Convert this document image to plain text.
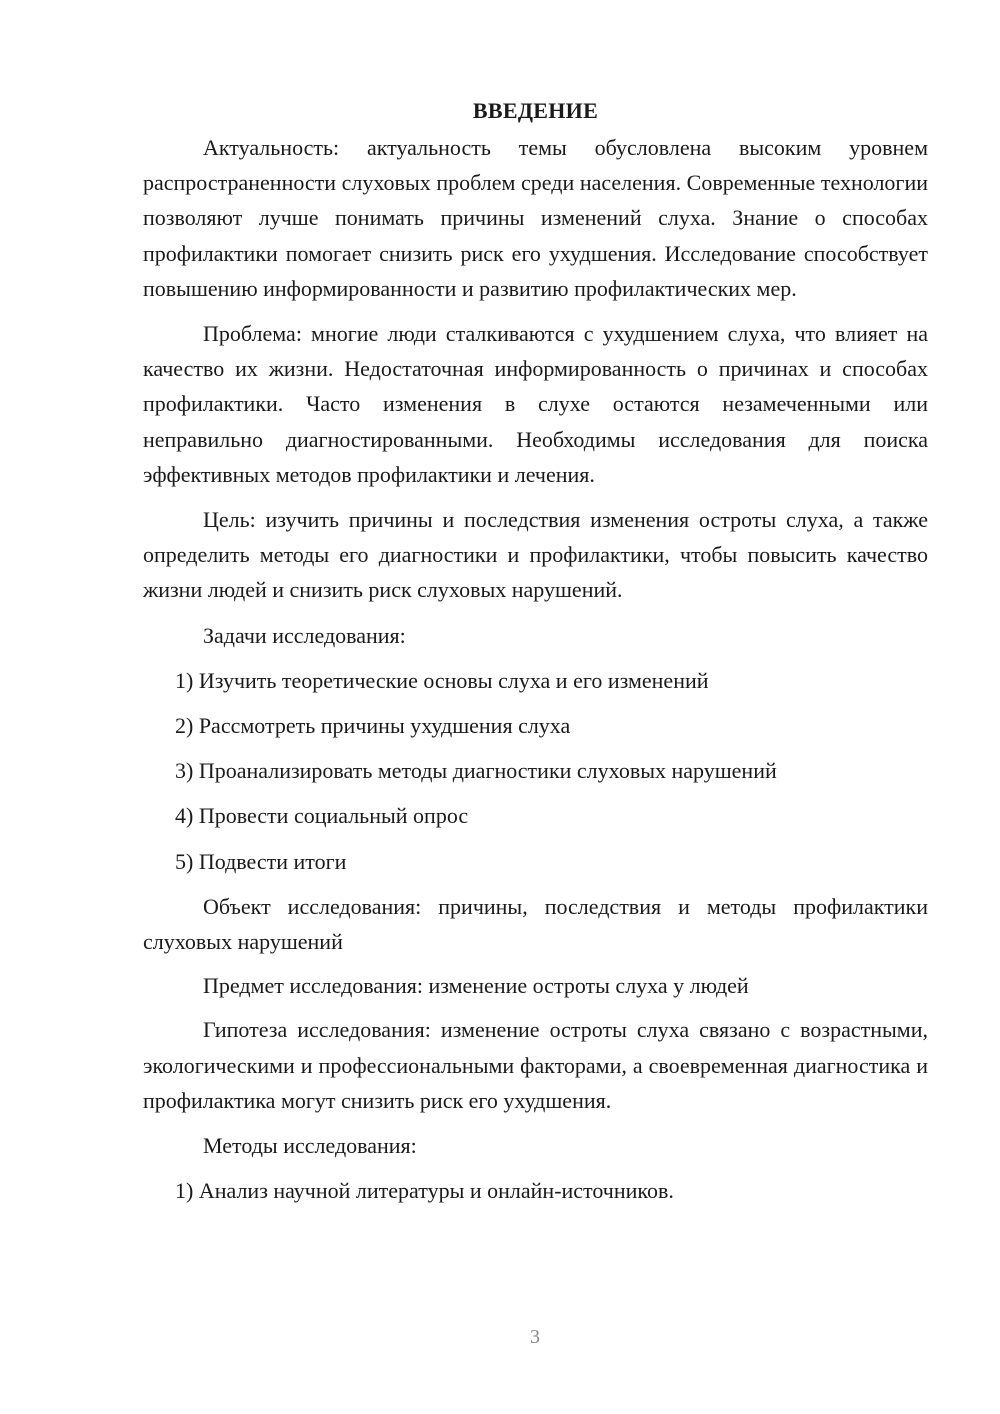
ВВЕДЕНИЕ

Актуальность: актуальность темы обусловлена высоким уровнем распространенности слуховых проблем среди населения. Современные технологии позволяют лучше понимать причины изменений слуха. Знание о способах профилактики помогает снизить риск его ухудшения. Исследование способствует повышению информированности и развитию профилактических мер.

Проблема: многие люди сталкиваются с ухудшением слуха, что влияет на качество их жизни. Недостаточная информированность о причинах и способах профилактики. Часто изменения в слухе остаются незамеченными или неправильно диагностированными. Необходимы исследования для поиска эффективных методов профилактики и лечения.

Цель: изучить причины и последствия изменения остроты слуха, а также определить методы его диагностики и профилактики, чтобы повысить качество жизни людей и снизить риск слуховых нарушений.

Задачи исследования:
1) Изучить теоретические основы слуха и его изменений
2) Рассмотреть причины ухудшения слуха
3) Проанализировать методы диагностики слуховых нарушений
4) Провести социальный опрос
5) Подвести итоги

Объект исследования: причины, последствия и методы профилактики слуховых нарушений

Предмет исследования: изменение остроты слуха у людей

Гипотеза исследования: изменение остроты слуха связано с возрастными, экологическими и профессиональными факторами, а своевременная диагностика и профилактика могут снизить риск его ухудшения.

Методы исследования:
1) Анализ научной литературы и онлайн-источников.
3
